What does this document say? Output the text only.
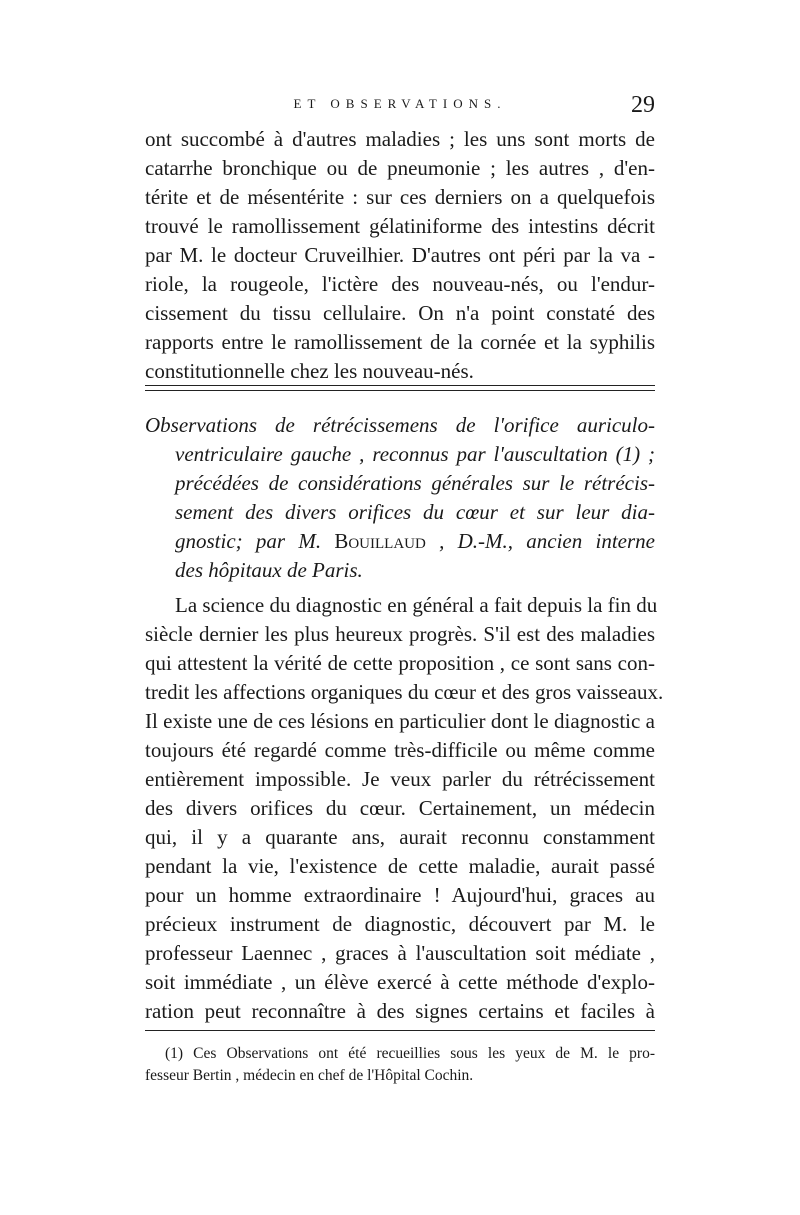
ET OBSERVATIONS.	29
ont succombé à d'autres maladies ; les uns sont morts de
catarrhe bronchique ou de pneumonie ; les autres , d'en-
térite et de mésentérite : sur ces derniers on a quelquefois
trouvé le ramollissement gélatiniforme des intestins décrit
par M. le docteur Cruveilhier. D'autres ont péri par la va -
riole, la rougeole, l'ictère des nouveau-nés, ou l'endur-
cissement du tissu cellulaire. On n'a point constaté des
rapports entre le ramollissement de la cornée et la syphilis
constitutionnelle chez les nouveau-nés.
Observations de rétrécissemens de l'orifice auriculo-
ventriculaire gauche , reconnus par l'auscultation (1) ;
précédées de considérations générales sur le rétrécis-
sement des divers orifices du cœur et sur leur dia-
gnostic; par M. Bouillaud , D.-M., ancien interne
des hôpitaux de Paris.
La science du diagnostic en général a fait depuis la fin du
siècle dernier les plus heureux progrès. S'il est des maladies
qui attestent la vérité de cette proposition , ce sont sans con-
tredit les affections organiques du cœur et des gros vaisseaux.
Il existe une de ces lésions en particulier dont le diagnostic a
toujours été regardé comme très-difficile ou même comme
entièrement impossible. Je veux parler du rétrécissement
des divers orifices du cœur. Certainement, un médecin
qui, il y a quarante ans, aurait reconnu constamment
pendant la vie, l'existence de cette maladie, aurait passé
pour un homme extraordinaire ! Aujourd'hui, graces au
précieux instrument de diagnostic, découvert par M. le
professeur Laennec , graces à l'auscultation soit médiate ,
soit immédiate , un élève exercé à cette méthode d'explo-
ration peut reconnaître à des signes certains et faciles à
(1) Ces Observations ont été recueillies sous les yeux de M. le pro-
fesseur Bertin , médecin en chef de l'Hôpital Cochin.
